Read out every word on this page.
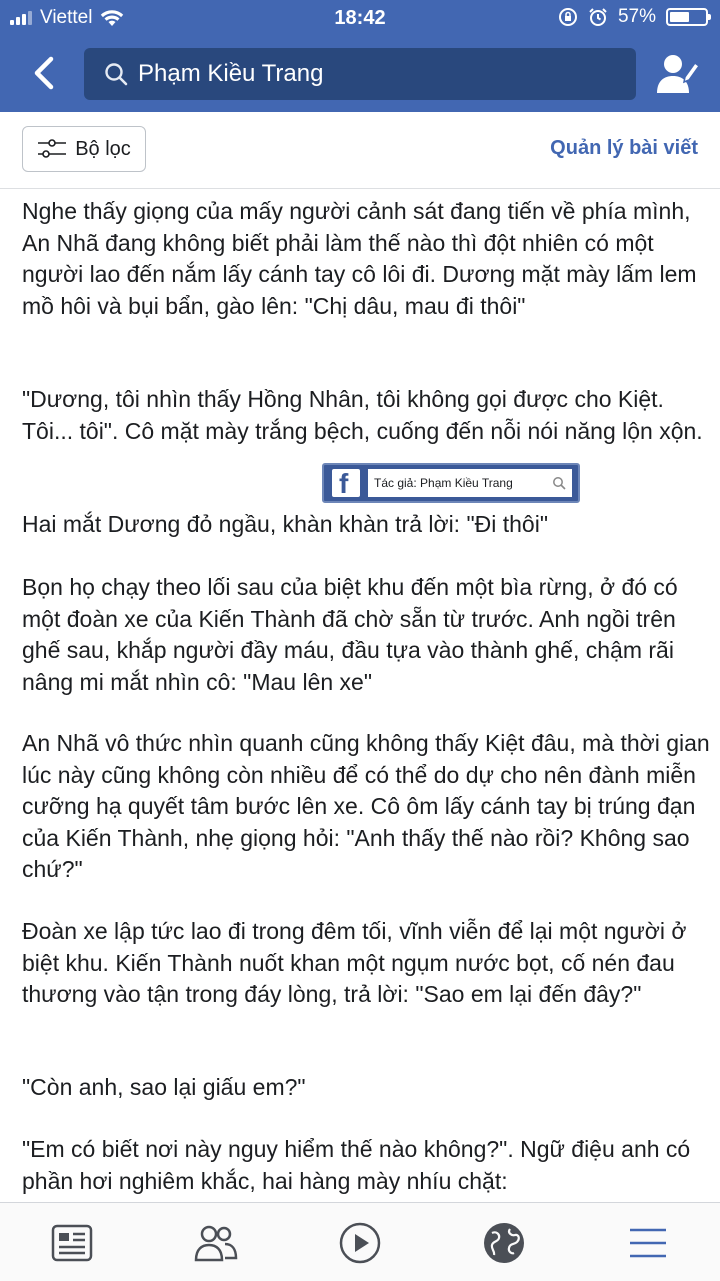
Viettel	18:42	57%
Phạm Kiều Trang
Bộ lọc	Quản lý bài viết

Nghe thấy giọng của mấy người cảnh sát đang tiến về phía mình, An Nhã đang không biết phải làm thế nào thì đột nhiên có một người lao đến nắm lấy cánh tay cô lôi đi. Dương mặt mày lấm lem mồ hôi và bụi bẩn, gào lên: "Chị dâu, mau đi thôi"

"Dương, tôi nhìn thấy Hồng Nhân, tôi không gọi được cho Kiệt. Tôi... tôi". Cô mặt mày trắng bệch, cuống đến nỗi nói năng lộn xộn.

Hai mắt Dương đỏ ngầu, khàn khàn trả lời: "Đi thôi"

Bọn họ chạy theo lối sau của biệt khu đến một bìa rừng, ở đó có một đoàn xe của Kiến Thành đã chờ sẵn từ trước. Anh ngồi trên ghế sau, khắp người đầy máu, đầu tựa vào thành ghế, chậm rãi nâng mi mắt nhìn cô: "Mau lên xe"

An Nhã vô thức nhìn quanh cũng không thấy Kiệt đâu, mà thời gian lúc này cũng không còn nhiều để có thể do dự cho nên đành miễn cưỡng hạ quyết tâm bước lên xe. Cô ôm lấy cánh tay bị trúng đạn của Kiến Thành, nhẹ giọng hỏi: "Anh thấy thế nào rồi? Không sao chứ?"

Đoàn xe lập tức lao đi trong đêm tối, vĩnh viễn để lại một người ở biệt khu. Kiến Thành nuốt khan một ngụm nước bọt, cố nén đau thương vào tận trong đáy lòng, trả lời: "Sao em lại đến đây?"

"Còn anh, sao lại giấu em?"

"Em có biết nơi này nguy hiểm thế nào không?". Ngữ điệu anh có phần hơi nghiêm khắc, hai hàng mày nhíu chặt:

f Tác giả: Phạm Kiều Trang
